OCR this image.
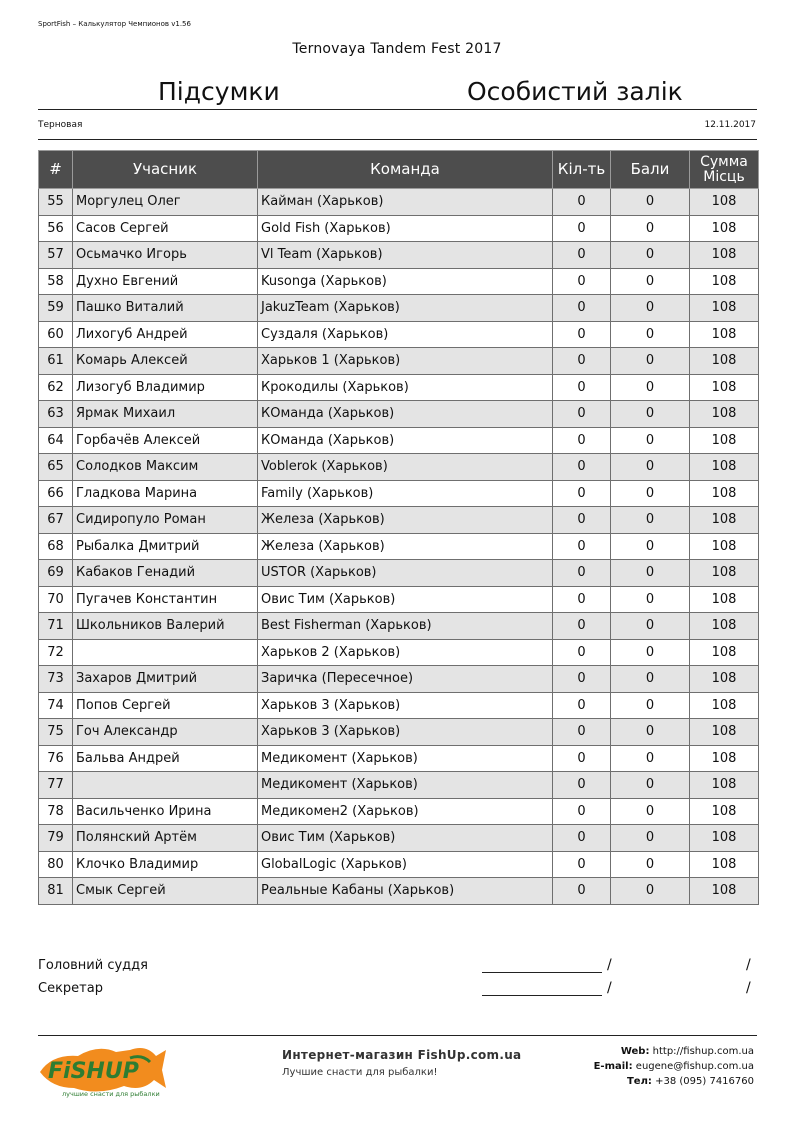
SportFish – Калькулятор Чемпионов v1.56
Ternovaya Tandem Fest 2017
Підсумки	Особистий залік
Терновая	12.11.2017
#	Учасник	Команда	Кіл-ть	Бали	Сумма
Місць
55	Моргулец Олег	Кайман (Харьков)	0	0	108
56	Сасов Сергей	Gold Fish (Харьков)	0	0	108
57	Осьмачко Игорь	Vl Team (Харьков)	0	0	108
58	Духно Евгений	Kusonga (Харьков)	0	0	108
59	Пашко Виталий	JakuzTeam (Харьков)	0	0	108
60	Лихогуб Андрей	Суздаля (Харьков)	0	0	108
61	Комарь Алексей	Харьков 1 (Харьков)	0	0	108
62	Лизогуб Владимир	Крокодилы (Харьков)	0	0	108
63	Ярмак Михаил	КОманда (Харьков)	0	0	108
64	Горбачёв Алексей	КОманда (Харьков)	0	0	108
65	Солодков Максим	Voblerok (Харьков)	0	0	108
66	Гладкова Марина	Family (Харьков)	0	0	108
67	Сидиропуло Роман	Железа (Харьков)	0	0	108
68	Рыбалка Дмитрий	Железа (Харьков)	0	0	108
69	Кабаков Генадий	USTOR (Харьков)	0	0	108
70	Пугачев Константин	Овис Тим (Харьков)	0	0	108
71	Школьников Валерий	Best Fisherman (Харьков)	0	0	108
72		Харьков 2 (Харьков)	0	0	108
73	Захаров Дмитрий	Заричка (Пересечное)	0	0	108
74	Попов Сергей	Харьков 3 (Харьков)	0	0	108
75	Гоч Александр	Харьков 3 (Харьков)	0	0	108
76	Бальва Андрей	Медикомент (Харьков)	0	0	108
77		Медикомент (Харьков)	0	0	108
78	Васильченко Ирина	Медикомен2 (Харьков)	0	0	108
79	Полянский Артём	Овис Тим (Харьков)	0	0	108
80	Клочко Владимир	GlobalLogic (Харьков)	0	0	108
81	Смык Сергей	Реальные Кабаны (Харьков)	0	0	108
Головний суддя	/	/
Секретар	/	/
FiSHUP
лучшие снасти для рыбалки
Интернет-магазин FishUp.com.ua
Лучшие снасти для рыбалки!
Web: http://fishup.com.ua
E-mail: eugene@fishup.com.ua
Тел: +38 (095) 7416760
